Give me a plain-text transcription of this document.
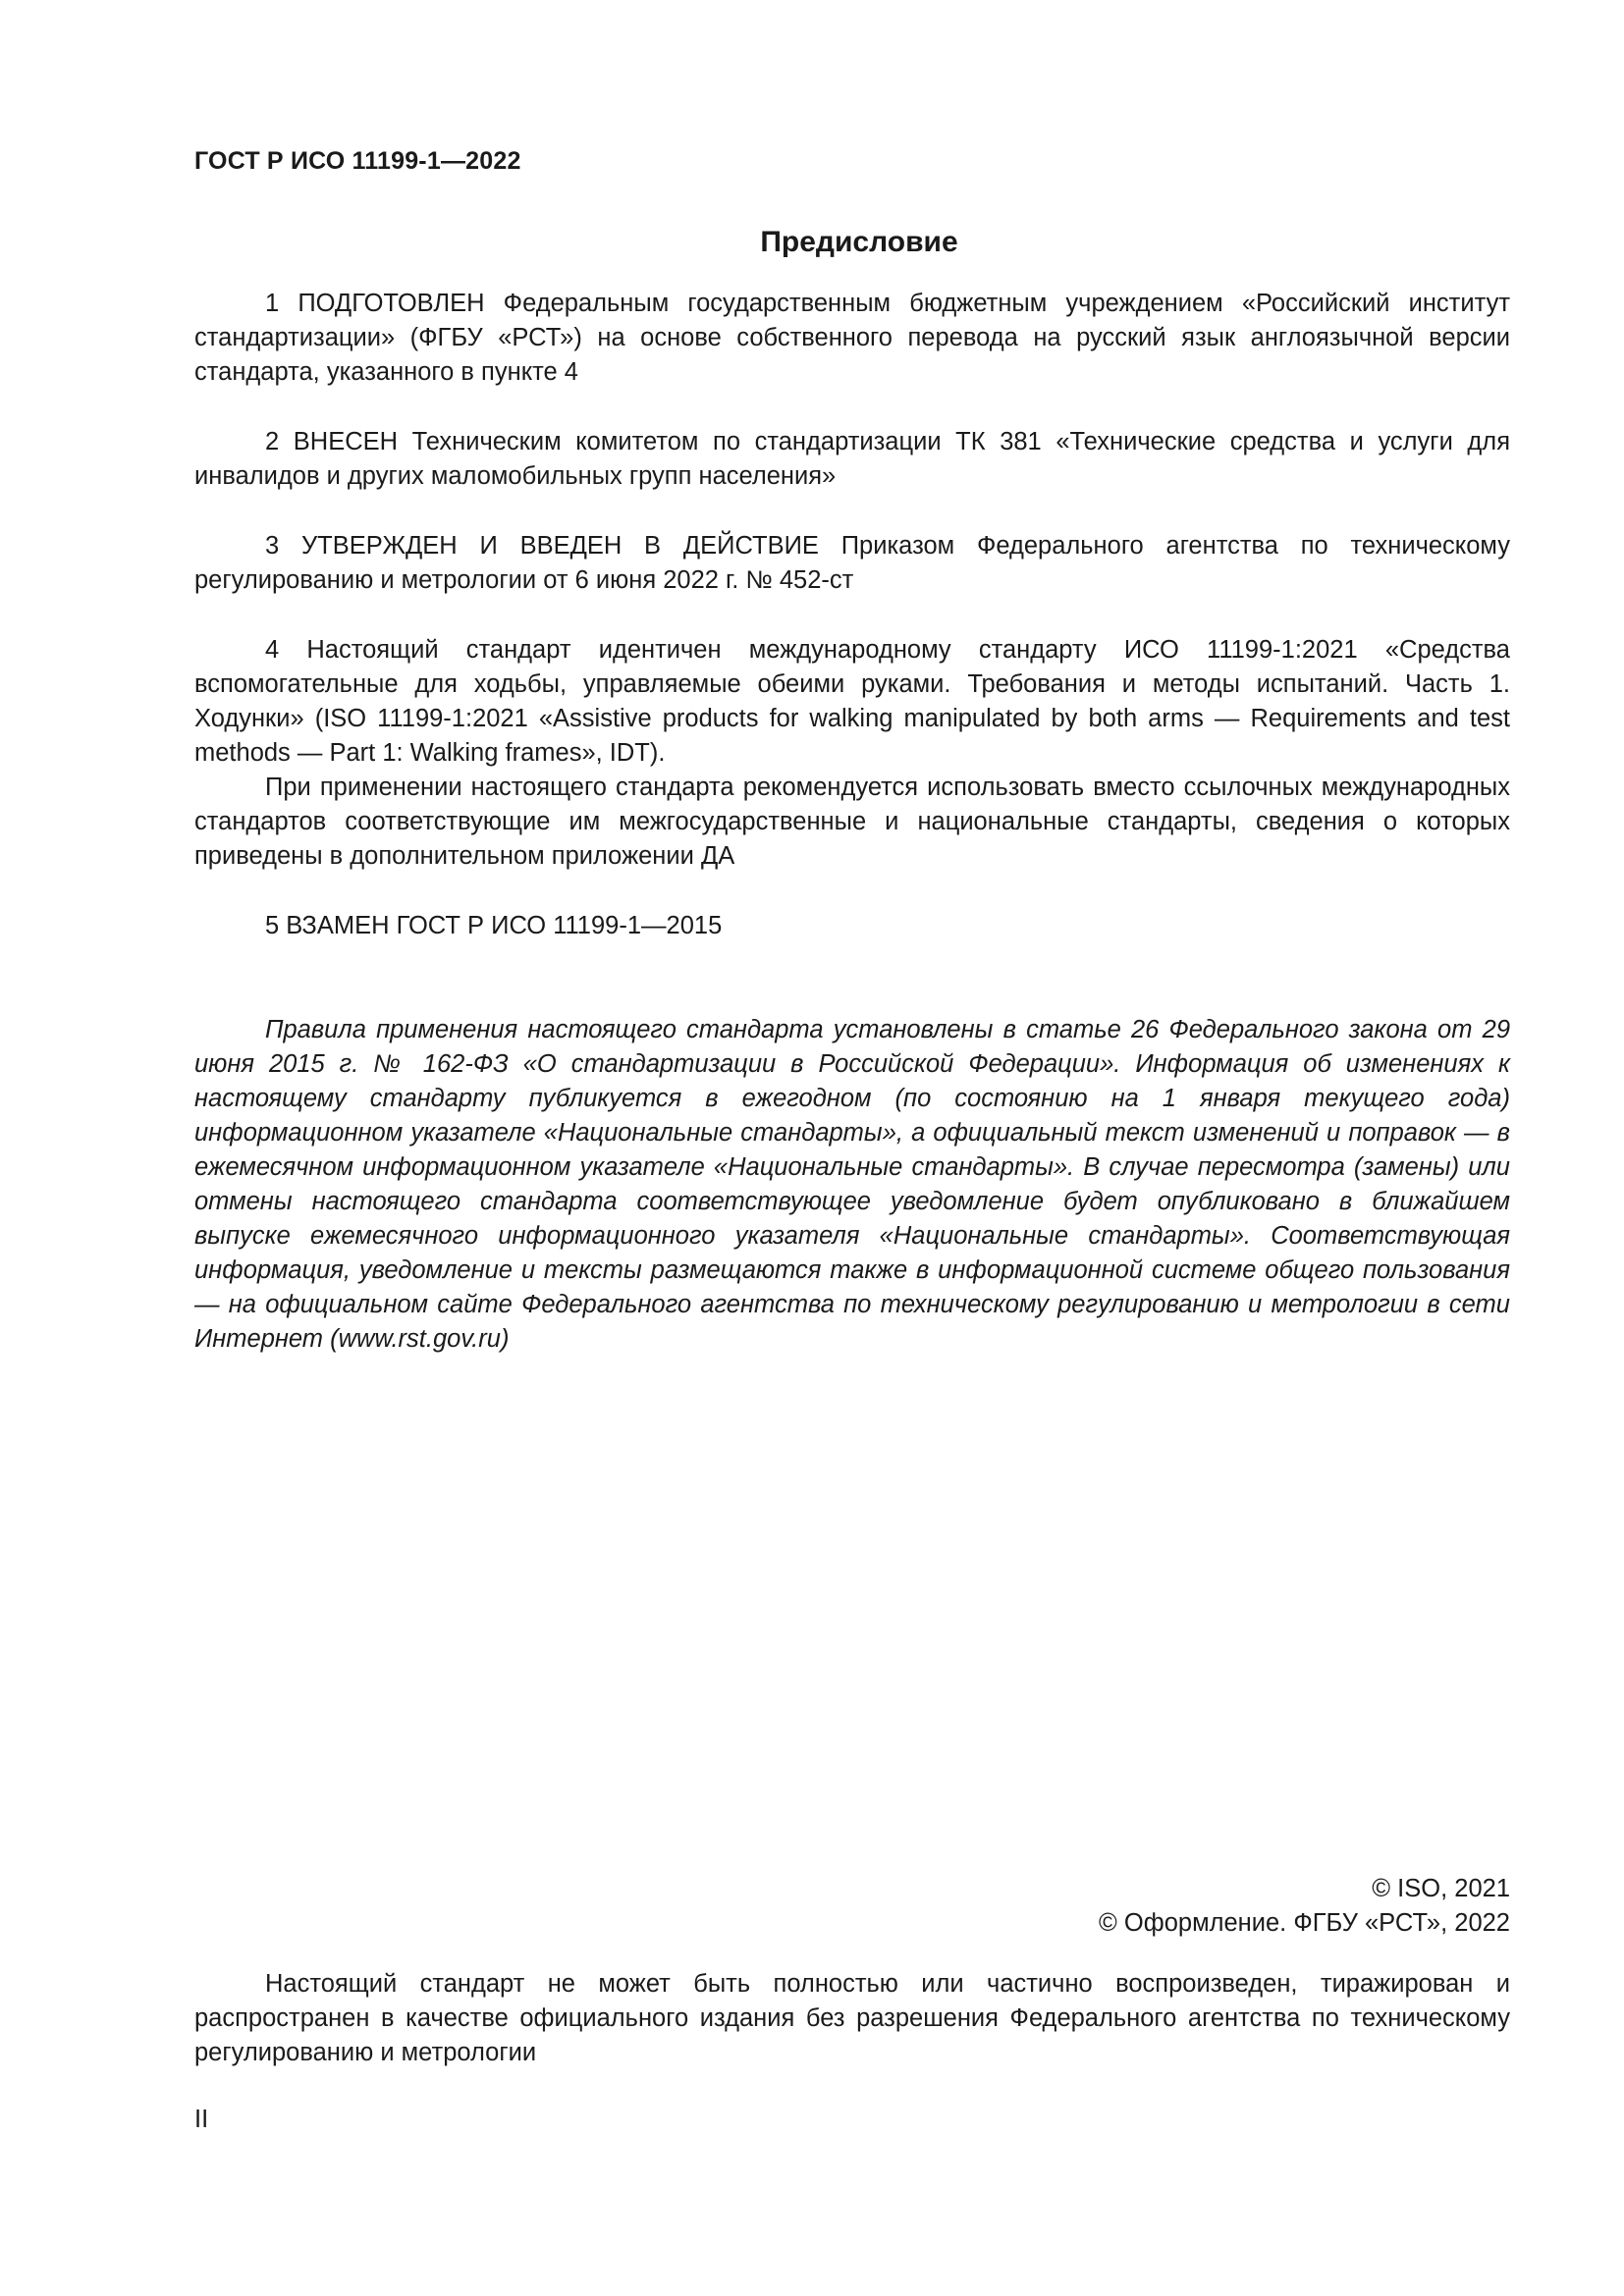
ГОСТ Р ИСО 11199-1—2022
Предисловие

1 ПОДГОТОВЛЕН Федеральным государственным бюджетным учреждением «Российский институт стандартизации» (ФГБУ «РСТ») на основе собственного перевода на русский язык англоязычной версии стандарта, указанного в пункте 4

2 ВНЕСЕН Техническим комитетом по стандартизации ТК 381 «Технические средства и услуги для инвалидов и других маломобильных групп населения»

3 УТВЕРЖДЕН И ВВЕДЕН В ДЕЙСТВИЕ Приказом Федерального агентства по техническому регулированию и метрологии от 6 июня 2022 г. № 452-ст

4 Настоящий стандарт идентичен международному стандарту ИСО 11199-1:2021 «Средства вспомогательные для ходьбы, управляемые обеими руками. Требования и методы испытаний. Часть 1. Ходунки» (ISO 11199-1:2021 «Assistive products for walking manipulated by both arms — Requirements and test methods — Part 1: Walking frames», IDT).

При применении настоящего стандарта рекомендуется использовать вместо ссылочных международных стандартов соответствующие им межгосударственные и национальные стандарты, сведения о которых приведены в дополнительном приложении ДА

5 ВЗАМЕН ГОСТ Р ИСО 11199-1—2015

Правила применения настоящего стандарта установлены в статье 26 Федерального закона от 29 июня 2015 г. № 162-ФЗ «О стандартизации в Российской Федерации». Информация об изменениях к настоящему стандарту публикуется в ежегодном (по состоянию на 1 января текущего года) информационном указателе «Национальные стандарты», а официальный текст изменений и поправок — в ежемесячном информационном указателе «Национальные стандарты». В случае пересмотра (замены) или отмены настоящего стандарта соответствующее уведомление будет опубликовано в ближайшем выпуске ежемесячного информационного указателя «Национальные стандарты». Соответствующая информация, уведомление и тексты размещаются также в информационной системе общего пользования — на официальном сайте Федерального агентства по техническому регулированию и метрологии в сети Интернет (www.rst.gov.ru)

© ISO, 2021
© Оформление. ФГБУ «РСТ», 2022

Настоящий стандарт не может быть полностью или частично воспроизведен, тиражирован и распространен в качестве официального издания без разрешения Федерального агентства по техническому регулированию и метрологии

II
